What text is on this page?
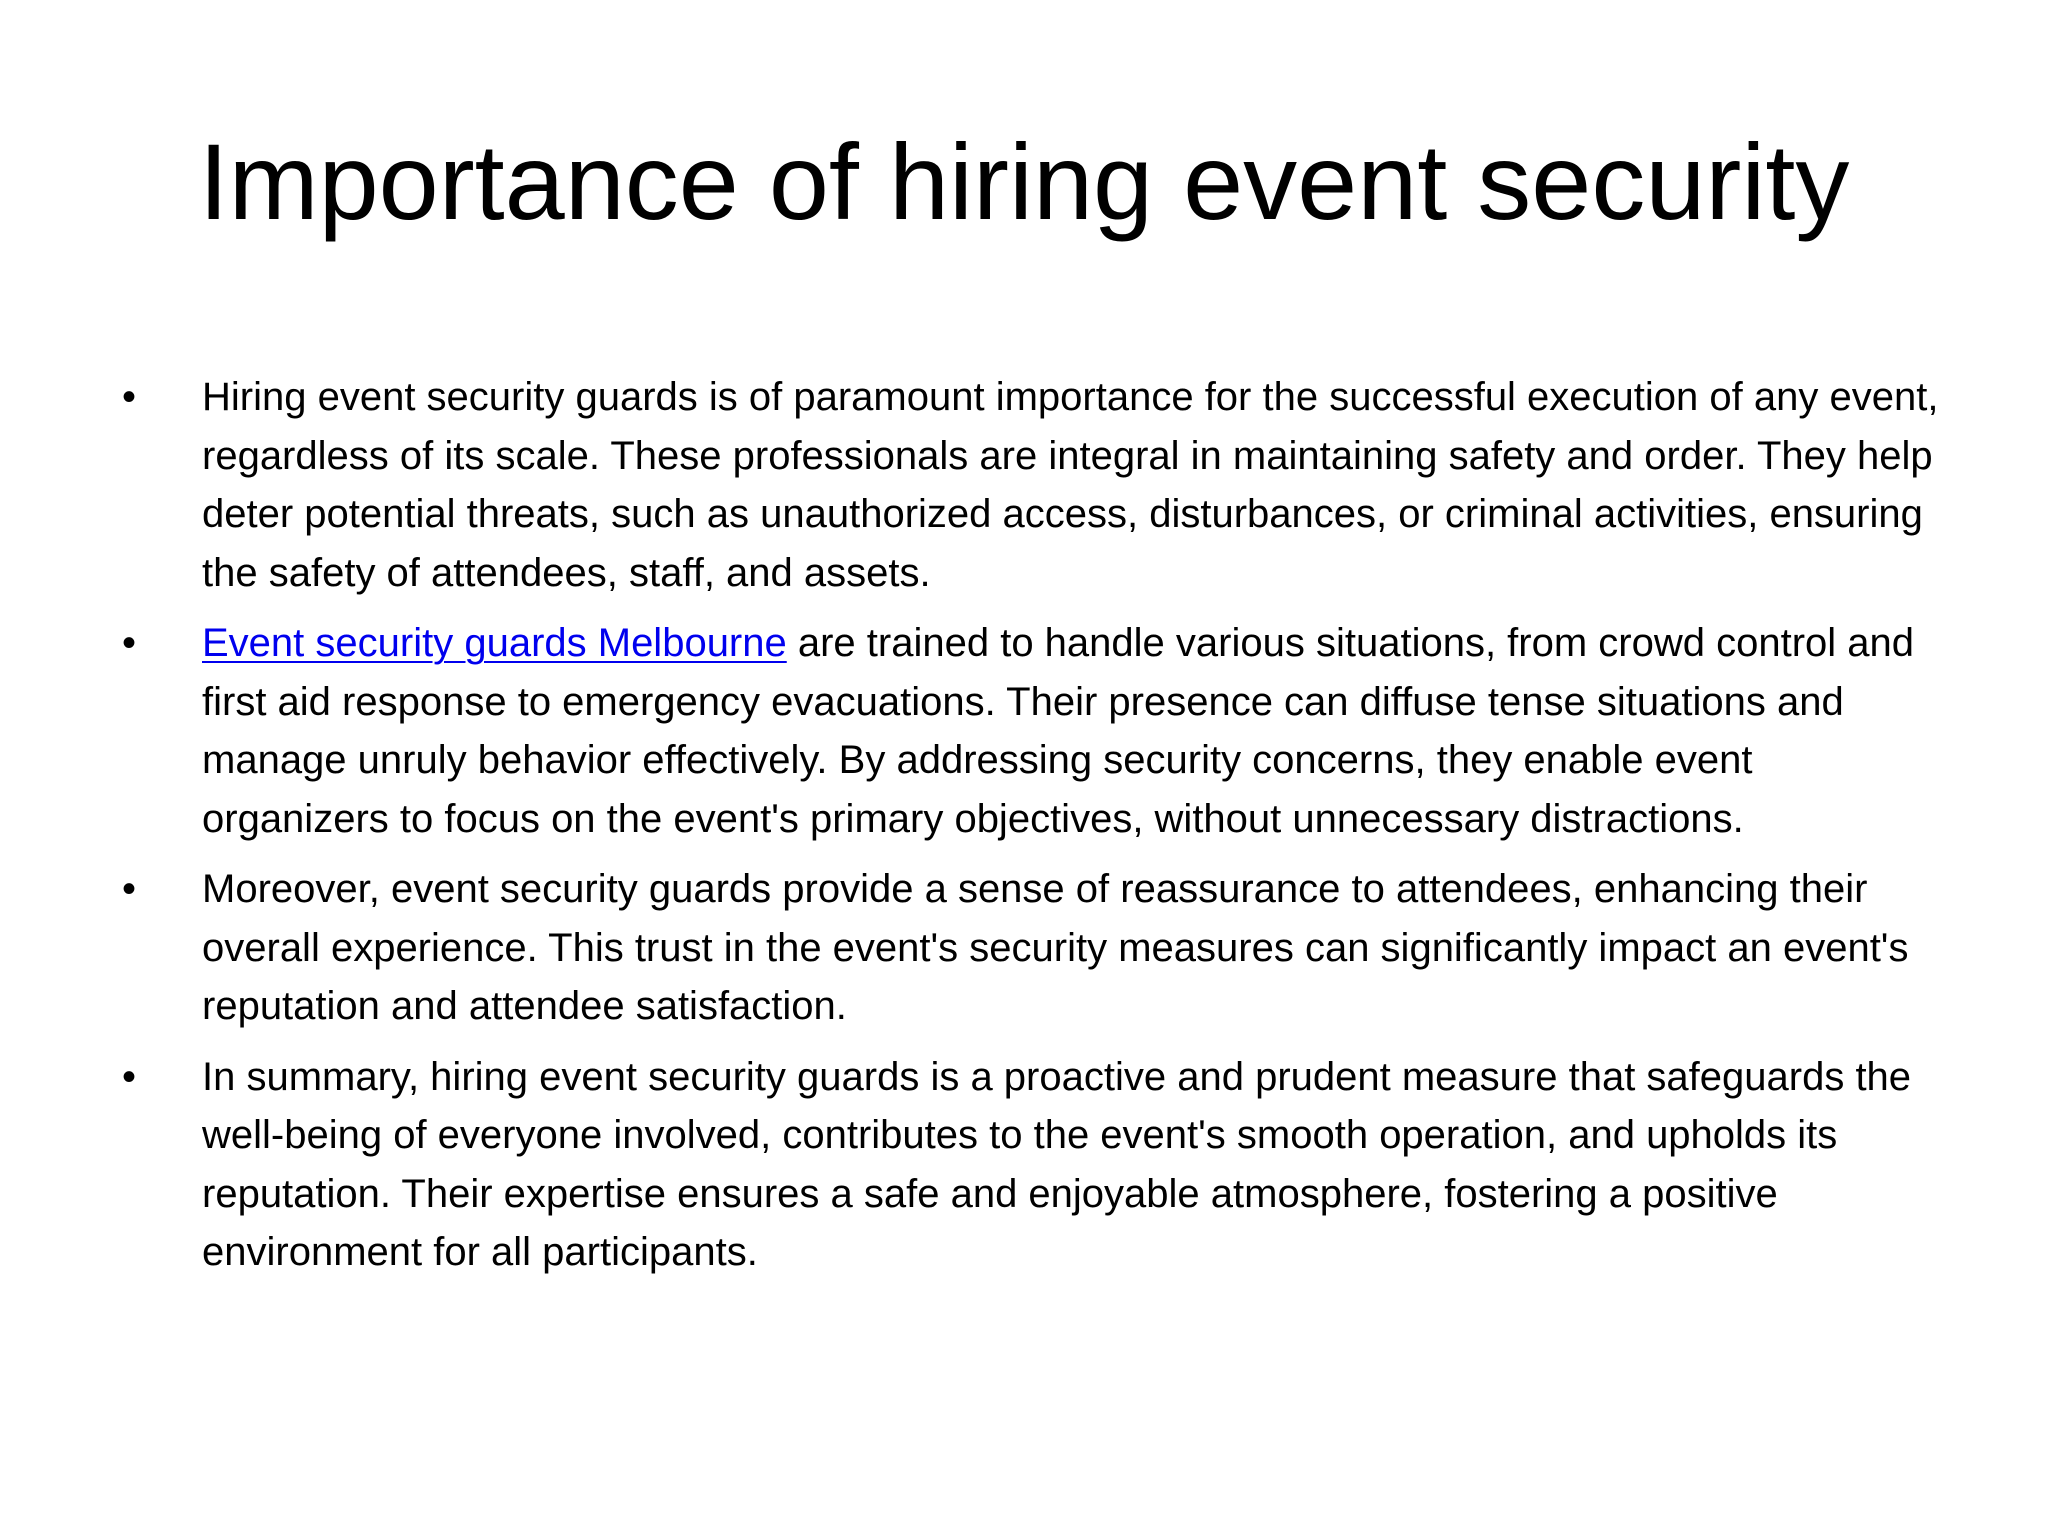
Importance of hiring event security
•	Hiring event security guards is of paramount importance for the successful execution of any event, regardless of its scale. These professionals are integral in maintaining safety and order. They help deter potential threats, such as unauthorized access, disturbances, or criminal activities, ensuring the safety of attendees, staff, and assets.
•	Event security guards Melbourne are trained to handle various situations, from crowd control and first aid response to emergency evacuations. Their presence can diffuse tense situations and manage unruly behavior effectively. By addressing security concerns, they enable event organizers to focus on the event's primary objectives, without unnecessary distractions.
•	Moreover, event security guards provide a sense of reassurance to attendees, enhancing their overall experience. This trust in the event's security measures can significantly impact an event's reputation and attendee satisfaction.
•	In summary, hiring event security guards is a proactive and prudent measure that safeguards the well-being of everyone involved, contributes to the event's smooth operation, and upholds its reputation. Their expertise ensures a safe and enjoyable atmosphere, fostering a positive environment for all participants.
